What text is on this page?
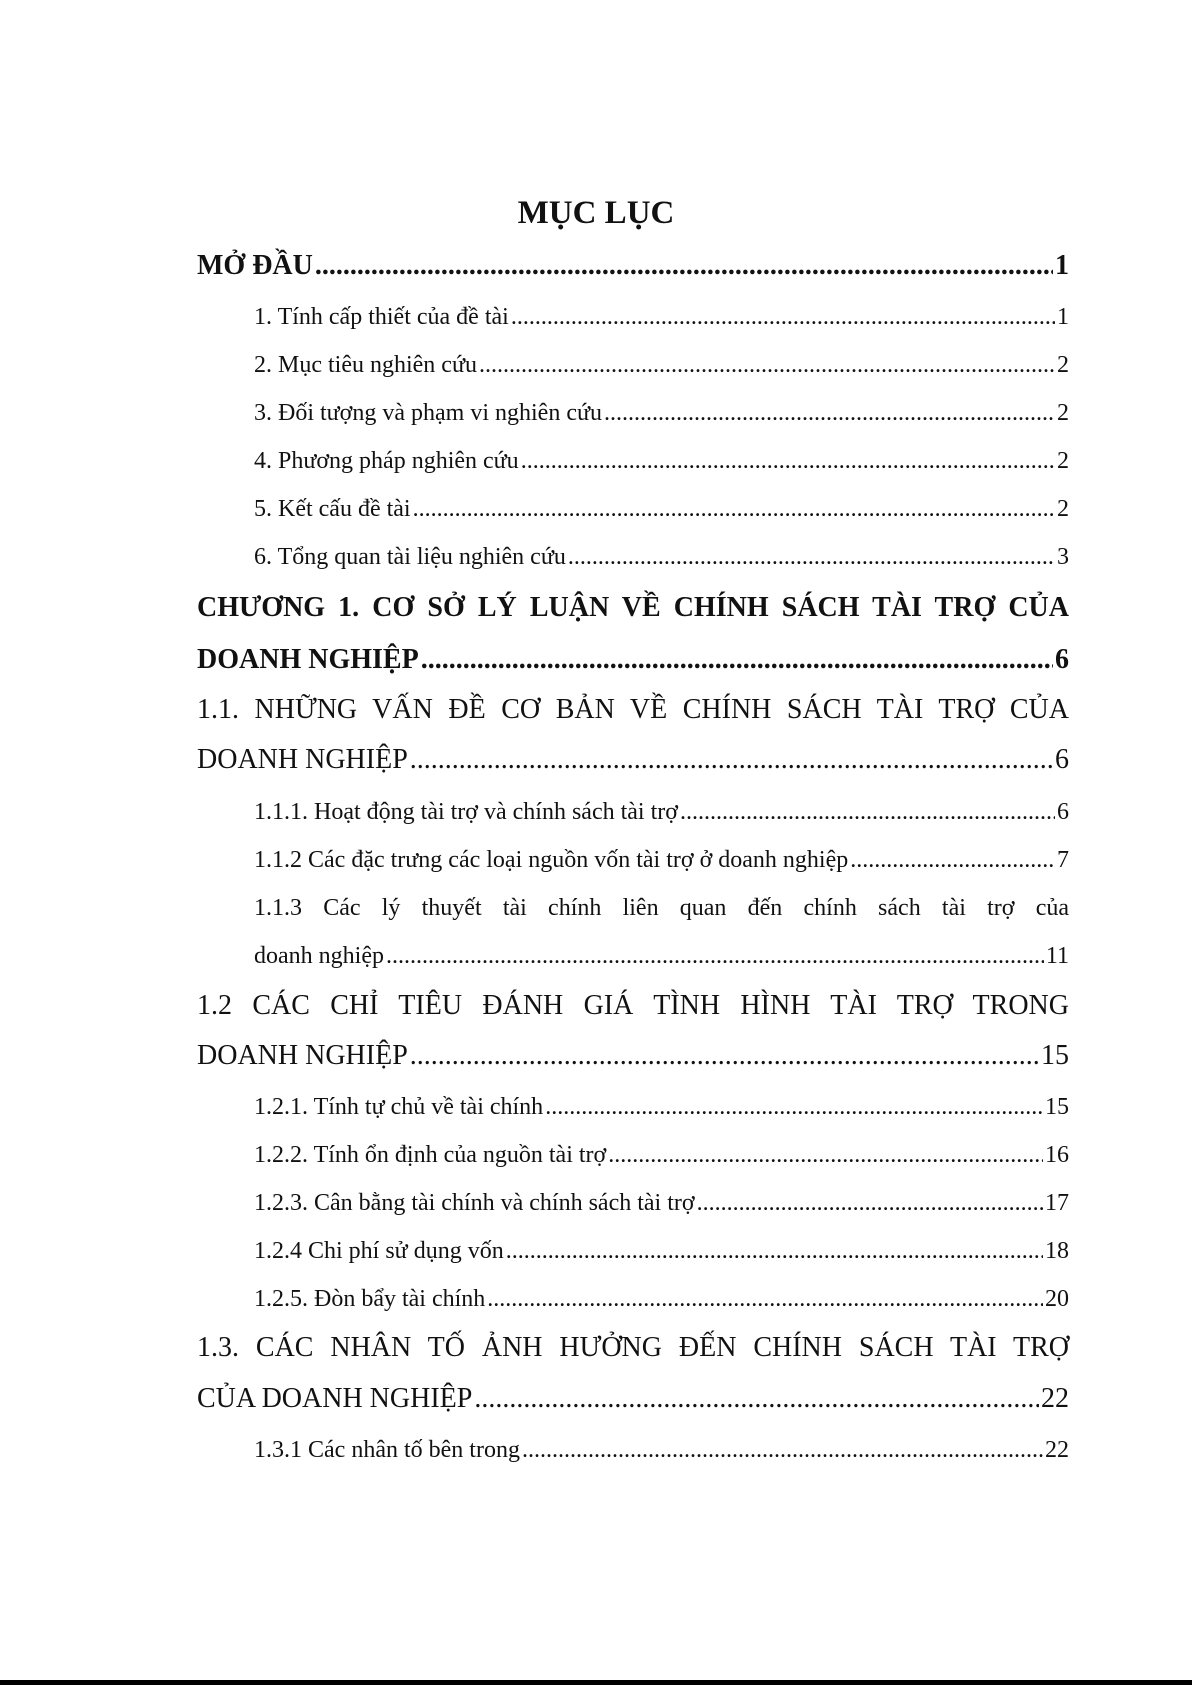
MỤC LỤC
MỞ ĐẦU .....	1
1. Tính cấp thiết của đề tài .....	1
2. Mục tiêu nghiên cứu .....	2
3. Đối tượng và phạm vi nghiên cứu .....	2
4. Phương pháp nghiên cứu .....	2
5. Kết cấu đề tài .....	2
6. Tổng quan tài liệu nghiên cứu .....	3
CHƯƠNG 1. CƠ SỞ LÝ LUẬN VỀ CHÍNH SÁCH TÀI TRỢ CỦA
DOANH NGHIỆP .....	6
1.1. NHỮNG VẤN ĐỀ CƠ BẢN VỀ CHÍNH SÁCH TÀI TRỢ CỦA
DOANH NGHIỆP .....	6
1.1.1. Hoạt động tài trợ và chính sách tài trợ .....	6
1.1.2 Các đặc trưng các loại nguồn vốn tài trợ ở doanh nghiệp .....	7
1.1.3 Các lý thuyết tài chính liên quan đến chính sách tài trợ của
doanh nghiệp .....	11
1.2 CÁC CHỈ TIÊU ĐÁNH GIÁ TÌNH HÌNH TÀI TRỢ TRONG
DOANH NGHIỆP .....	15
1.2.1. Tính tự chủ về tài chính .....	15
1.2.2. Tính ổn định của nguồn tài trợ .....	16
1.2.3. Cân bằng tài chính và chính sách tài trợ .....	17
1.2.4 Chi phí sử dụng vốn .....	18
1.2.5. Đòn bẩy tài chính .....	20
1.3. CÁC NHÂN TỐ ẢNH HƯỞNG ĐẾN CHÍNH SÁCH TÀI TRỢ
CỦA DOANH NGHIỆP .....	22
1.3.1 Các nhân tố bên trong .....	22
